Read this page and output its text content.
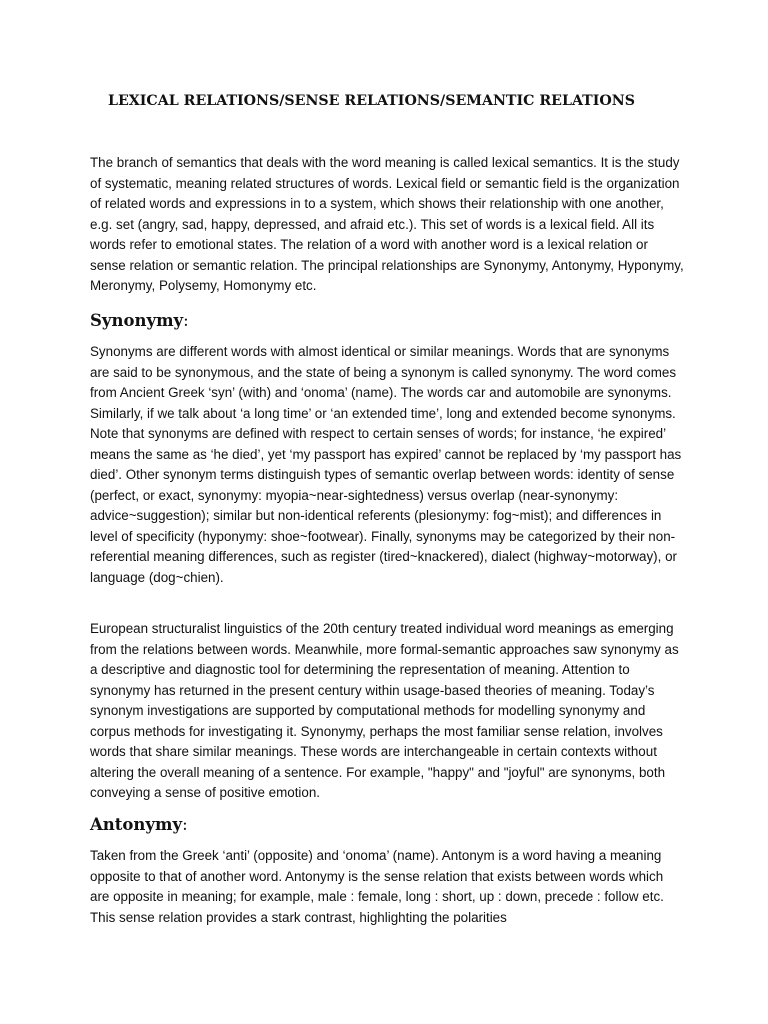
LEXICAL RELATIONS/SENSE RELATIONS/SEMANTIC RELATIONS

The branch of semantics that deals with the word meaning is called lexical semantics. It is the study of systematic, meaning related structures of words. Lexical field or semantic field is the organization of related words and expressions in to a system, which shows their relationship with one another, e.g. set (angry, sad, happy, depressed, and afraid etc.). This set of words is a lexical field. All its words refer to emotional states. The relation of a word with another word is a lexical relation or sense relation or semantic relation. The principal relationships are Synonymy, Antonymy, Hyponymy, Meronymy, Polysemy, Homonymy etc.

Synonymy:

Synonyms are different words with almost identical or similar meanings. Words that are synonyms are said to be synonymous, and the state of being a synonym is called synonymy. The word comes from Ancient Greek ‘syn’ (with) and ‘onoma’ (name). The words car and automobile are synonyms. Similarly, if we talk about ‘a long time’ or ‘an extended time’, long and extended become synonyms. Note that synonyms are defined with respect to certain senses of words; for instance, ‘he expired’ means the same as ‘he died’, yet ‘my passport has expired’ cannot be replaced by ‘my passport has died’. Other synonym terms distinguish types of semantic overlap between words: identity of sense (perfect, or exact, synonymy: myopia~near-sightedness) versus overlap (near-synonymy: advice~suggestion); similar but non-identical referents (plesionymy: fog~mist); and differences in level of specificity (hyponymy: shoe~footwear). Finally, synonyms may be categorized by their non-referential meaning differences, such as register (tired~knackered), dialect (highway~motorway), or language (dog~chien).

European structuralist linguistics of the 20th century treated individual word meanings as emerging from the relations between words. Meanwhile, more formal-semantic approaches saw synonymy as a descriptive and diagnostic tool for determining the representation of meaning. Attention to synonymy has returned in the present century within usage-based theories of meaning. Today’s synonym investigations are supported by computational methods for modelling synonymy and corpus methods for investigating it. Synonymy, perhaps the most familiar sense relation, involves words that share similar meanings. These words are interchangeable in certain contexts without altering the overall meaning of a sentence. For example, "happy" and "joyful" are synonyms, both conveying a sense of positive emotion.

Antonymy:

Taken from the Greek ‘anti’ (opposite) and ‘onoma’ (name). Antonym is a word having a meaning opposite to that of another word. Antonymy is the sense relation that exists between words which are opposite in meaning; for example, male : female, long : short, up : down, precede : follow etc. This sense relation provides a stark contrast, highlighting the polarities
